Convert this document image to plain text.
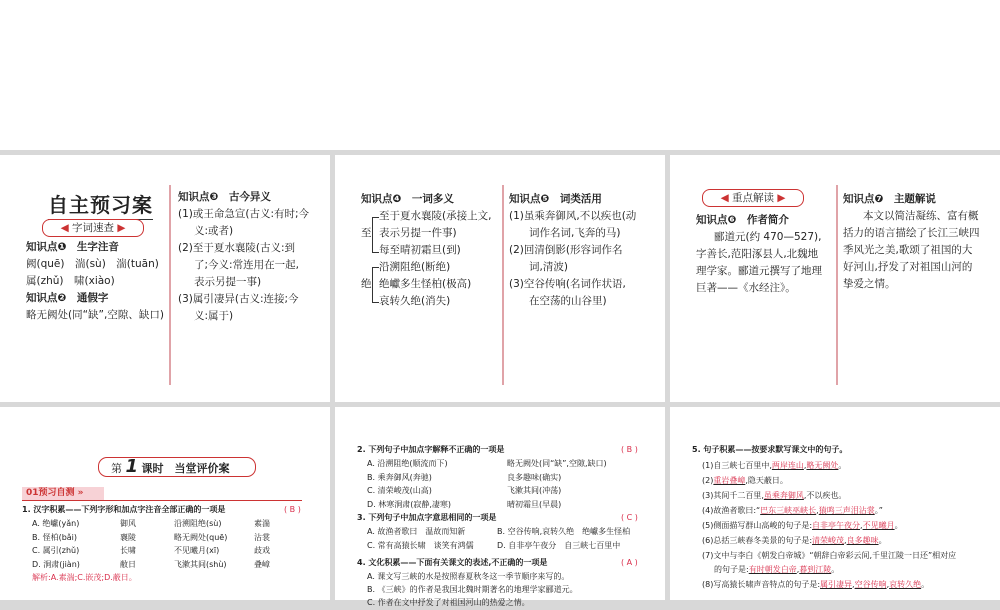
自主预习案
◀ 字词速查 ▶
知识点❶　生字注音
阙(quē)　湍(sù)　湍(tuān)
属(zhǔ)　啸(xiào)
知识点❷　通假字
略无阙处(同“缺”,空隙、缺口)
知识点❸　古今异义
(1)或王命急宣(古义:有时;今
义:或者)
(2)至于夏水襄陵(古义:到
了;今义:常连用在一起,
表示另提一事)
(3)属引凄异(古义:连接;今
义:属于)
知识点❹　一词多义
至
至于夏水襄陵(承接上文,
表示另提一件事)
每至晴初霜旦(到)
绝
沿溯阻绝(断绝)
绝巘多生怪柏(极高)
哀转久绝(消失)
知识点❺　词类活用
(1)虽乘奔御风,不以疾也(动
词作名词,飞奔的马)
(2)回清倒影(形容词作名
词,清波)
(3)空谷传响(名词作状语,
在空荡的山谷里)
◀ 重点解读 ▶
知识点❻　作者简介
郦道元(约 470—527),
字善长,范阳涿县人,北魏地
理学家。郦道元撰写了地理
巨著——《水经注》。
知识点❼　主题解说
本文以简洁凝练、富有概
括力的语言描绘了长江三峡四
季风光之美,歌颂了祖国的大
好河山,抒发了对祖国山河的
挚爱之情。
第 1 课时　当堂评价案
01预习自测 »
1. 汉字积累——下列字形和加点字注音全部正确的一项是	( B )
A. 绝巘(yǎn)	御风	沿溯阻绝(sù)	素湍
B. 怪柏(bǎi)	襄陵	略无阙处(quē)	沾裳
C. 属引(zhǔ)	长啸	不见曦月(xī)	歧戏
D. 涧肃(jiàn)	敝日	飞漱其间(shù)	叠嶂
解析:A.素湍;C.嵌茂;D.蔽日。
2. 下列句子中加点字解释不正确的一项是	( B )
A. 沿溯阻绝(顺流而下)	略无阙处(同“缺”,空隙,缺口)
B. 乘奔御风(奔驰)	良多趣味(确实)
C. 清荣峻茂(山高)	飞漱其间(冲荡)
D. 林寒涧肃(寂静,凄寒)	晴初霜旦(早晨)
3. 下列句子中加点字意思相同的一项是	( C )
A. 故渔者歌曰　温故而知新	B. 空谷传响,哀转久绝　绝巘多生怪柏
C. 常有高猿长啸　谈笑有鸿儒	D. 自非亭午夜分　自三峡七百里中
4. 文化积累——下面有关课文的表述,不正确的一项是	( A )
A. 课文写三峡的水是按照春夏秋冬这一季节顺序来写的。
B. 《三峡》的作者是我国北魏时期著名的地理学家郦道元。
C. 作者在文中抒发了对祖国河山的热爱之情。
5. 句子积累——按要求默写课文中的句子。
(1)自三峡七百里中,两岸连山,略无阙处。
(2)重岩叠嶂,隐天蔽日。
(3)其间千二百里,虽乘奔御风,不以疾也。
(4)故渔者歌曰:“巴东三峡巫峡长,猿鸣三声泪沾裳。”
(5)侧面描写群山高峻的句子是:自非亭午夜分,不见曦月。
(6)总括三峡春冬美景的句子是:清荣峻茂,良多趣味。
(7)文中与李白《朝发白帝城》“朝辞白帝彩云间,千里江陵一日还”相对应
的句子是:有时朝发白帝,暮到江陵。
(8)写高猿长啸声音特点的句子是:属引凄异,空谷传响,哀转久绝。
